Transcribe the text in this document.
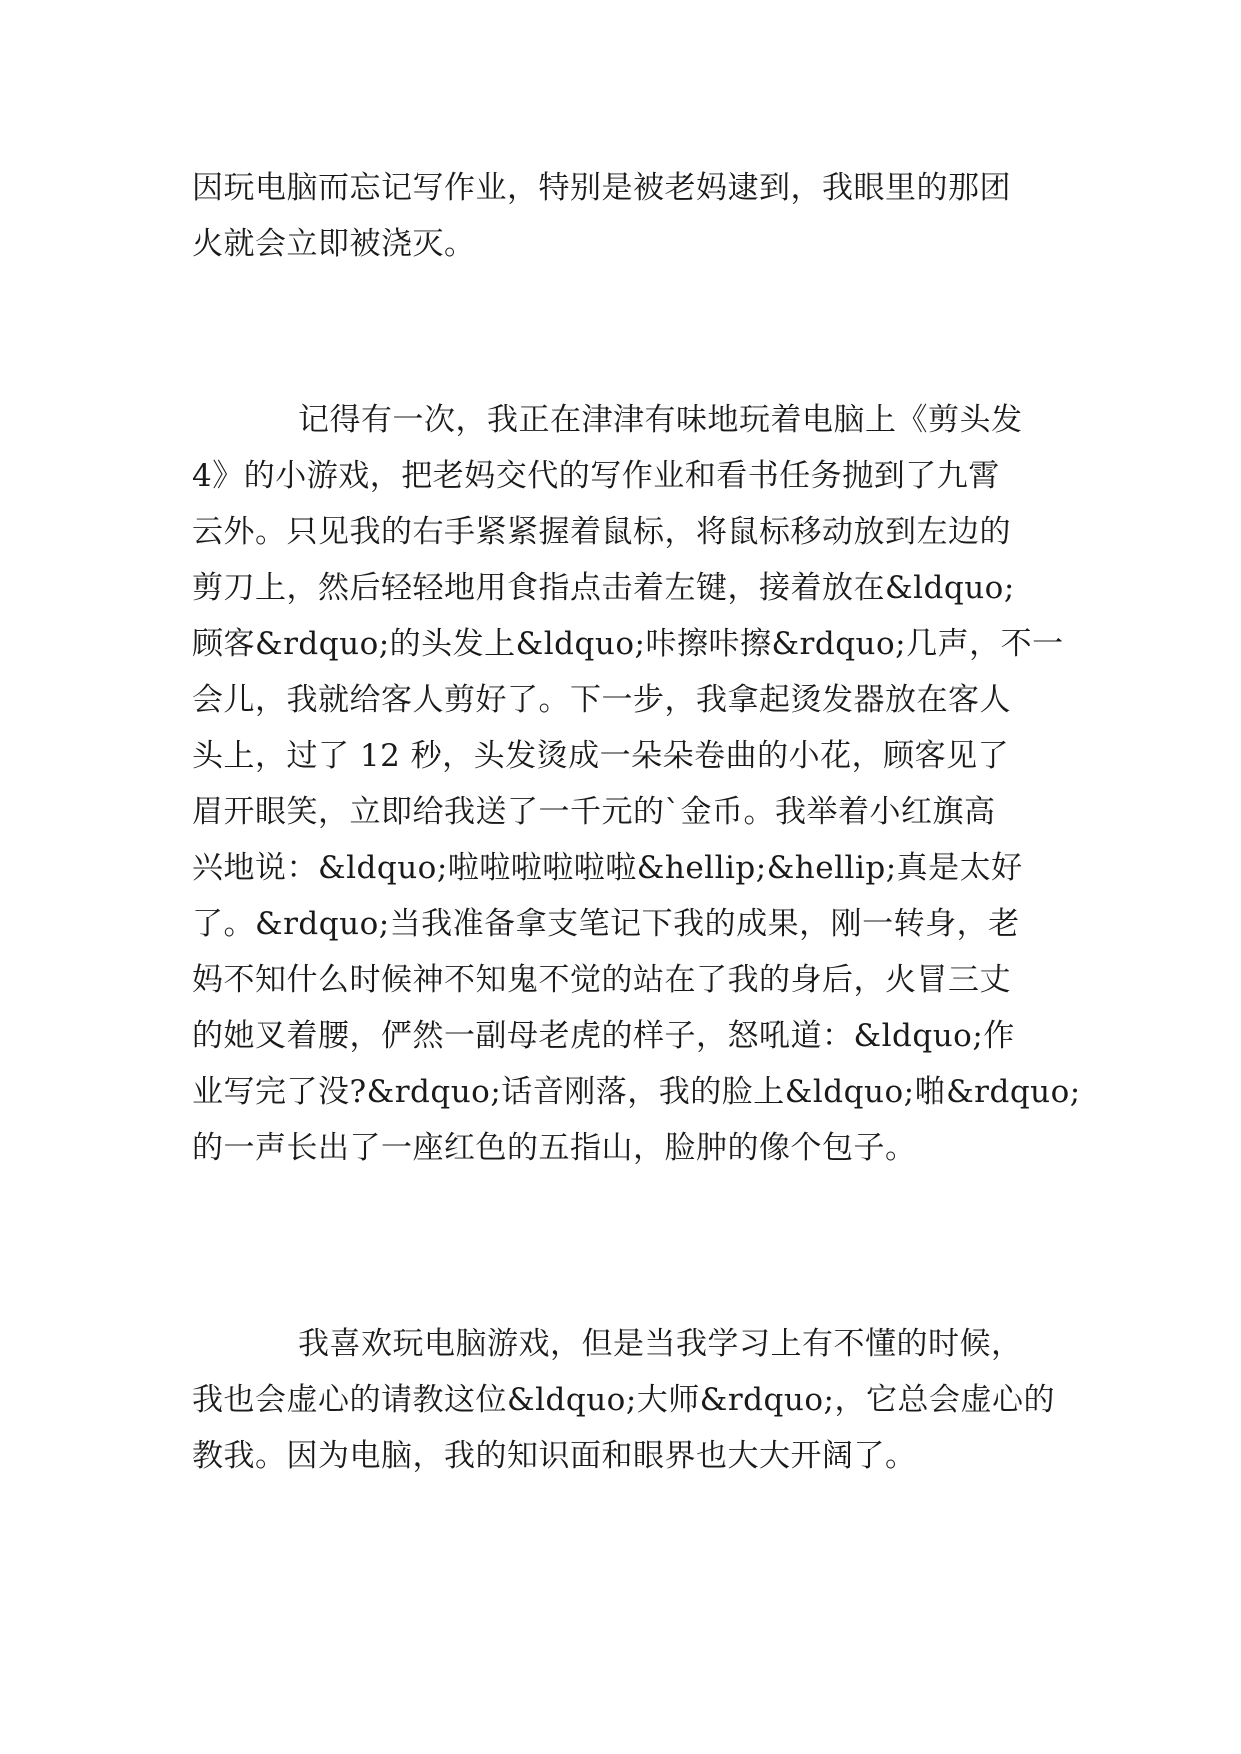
因玩电脑而忘记写作业，特别是被老妈逮到，我眼里的那团
火就会立即被浇灭。
记得有一次，我正在津津有味地玩着电脑上《剪头发
4》的小游戏，把老妈交代的写作业和看书任务抛到了九霄
云外。只见我的右手紧紧握着鼠标，将鼠标移动放到左边的
剪刀上，然后轻轻地用食指点击着左键，接着放在&ldquo;
顾客&rdquo;的头发上&ldquo;咔擦咔擦&rdquo;几声，不一
会儿，我就给客人剪好了。下一步，我拿起烫发器放在客人
头上，过了 12 秒，头发烫成一朵朵卷曲的小花，顾客见了
眉开眼笑，立即给我送了一千元的`金币。我举着小红旗高
兴地说：&ldquo;啦啦啦啦啦啦&hellip;&hellip;真是太好
了。&rdquo;当我准备拿支笔记下我的成果，刚一转身，老
妈不知什么时候神不知鬼不觉的站在了我的身后，火冒三丈
的她叉着腰，俨然一副母老虎的样子，怒吼道：&ldquo;作
业写完了没?&rdquo;话音刚落，我的脸上&ldquo;啪&rdquo;
的一声长出了一座红色的五指山，脸肿的像个包子。
我喜欢玩电脑游戏，但是当我学习上有不懂的时候，
我也会虚心的请教这位&ldquo;大师&rdquo;，它总会虚心的
教我。因为电脑，我的知识面和眼界也大大开阔了。
